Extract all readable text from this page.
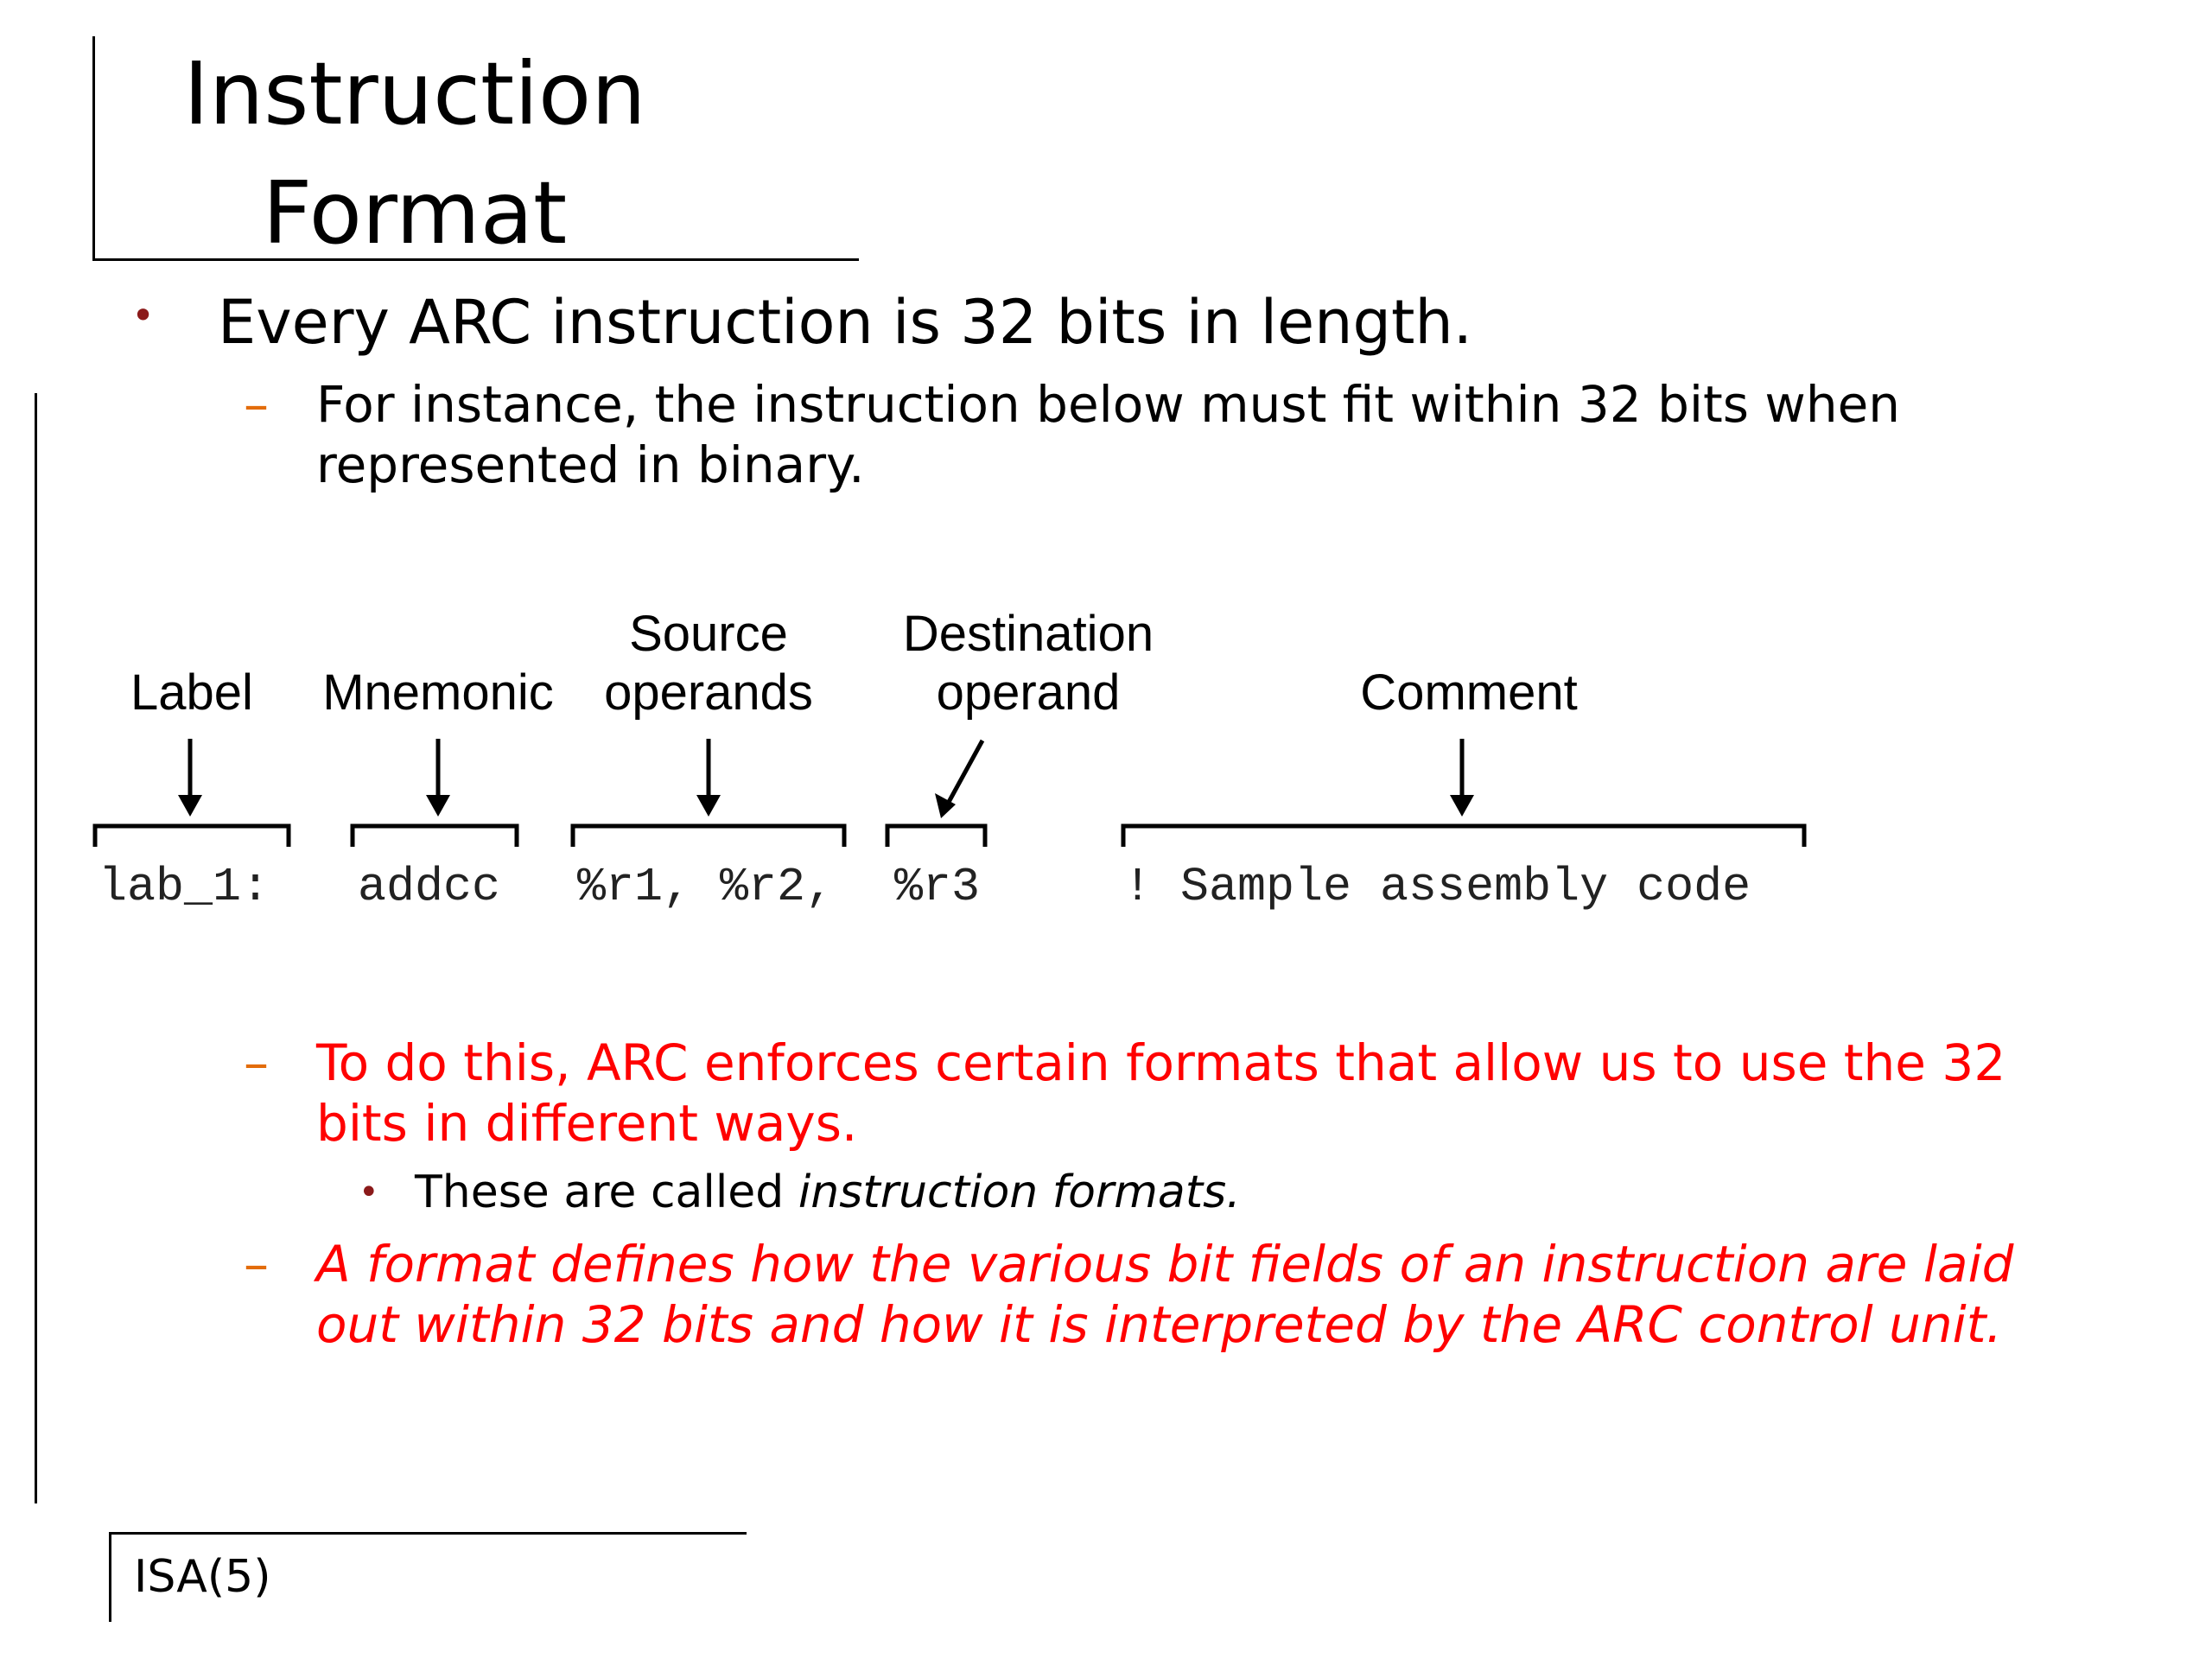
Instruction
Format
• Every ARC instruction is 32 bits in length.
– For instance, the instruction below must fit within 32 bits when represented in binary.
Label	Mnemonic
Source
operands
Destination
operand	Comment
lab_1: addcc %r1, %r2, %r3	! Sample assembly code
– To do this, ARC enforces certain formats that allow us to use the 32 bits in different ways.
• These are called instruction formats.
– A format defines how the various bit fields of an instruction are laid out within 32 bits and how it is interpreted by the ARC control unit.
ISA(5)
